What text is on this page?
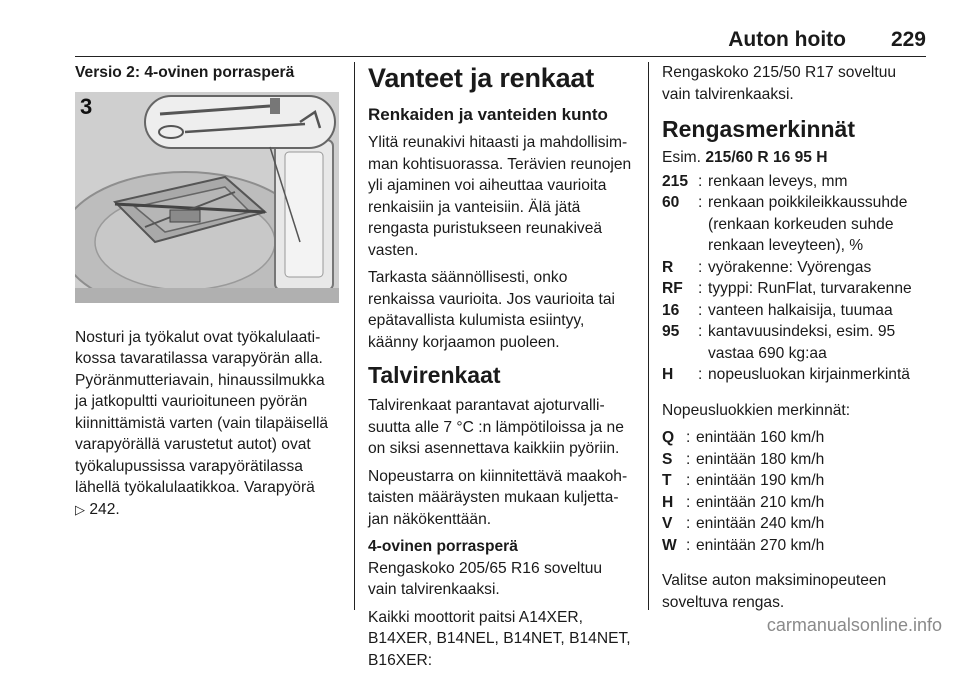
Auton hoito 229

Versio 2: 4-ovinen porrasperä

3

Nosturi ja työkalut ovat työkalulaatikossa tavaratilassa varapyörän alla. Pyöränmutteriavain, hinaussilmukka ja jatkopultti vaurioituneen pyörän kiinnittämistä varten (vain tilapäisellä varapyörällä varustetut autot) ovat työkalupussissa varapyörätilassa lähellä työkalulaatikkoa. Varapyörä
▷ 242.

Vanteet ja renkaat
Renkaiden ja vanteiden kunto

Ylitä reunakivi hitaasti ja mahdollisimman kohtisuorassa. Terävien reunojen yli ajaminen voi aiheuttaa vaurioita renkaisiin ja vanteisiin. Älä jätä rengasta puristukseen reunakiveä vasten.

Tarkasta säännöllisesti, onko renkaissa vaurioita. Jos vaurioita tai epätavallista kulumista esiintyy, käänny korjaamon puoleen.

Talvirenkaat

Talvirenkaat parantavat ajoturvallisuutta alle 7 °C :n lämpötiloissa ja ne on siksi asennettava kaikkiin pyöriin.

Nopeustarra on kiinnitettävä maakohtaisten määräysten mukaan kuljettajan näkökenttään.

4-ovinen porrasperä

Rengaskoko 205/65 R16 soveltuu vain talvirenkaaksi.

Kaikki moottorit paitsi A14XER, B14XER, B14NEL, B14NET, B14NET, B16XER:

Rengaskoko 215/50 R17 soveltuu vain talvirenkaaksi.

Rengasmerkinnät

Esim. 215/60 R 16 95 H

215 : renkaan leveys, mm
60	: renkaan poikkileikkaussuhde (renkaan korkeuden suhde renkaan leveyteen), %
R	: vyörakenne: Vyörengas
RF : tyyppi: RunFlat, turvarakenne
16	: vanteen halkaisija, tuumaa
95	: kantavuusindeksi, esim. 95 vastaa 690 kg:aa
H	: nopeusluokan kirjainmerkintä

Nopeusluokkien merkinnät:

Q : enintään 160 km/h
S : enintään 180 km/h
T : enintään 190 km/h
H : enintään 210 km/h
V : enintään 240 km/h
W : enintään 270 km/h

Valitse auton maksiminopeuteen soveltuva rengas.

carmanualsonline.info
